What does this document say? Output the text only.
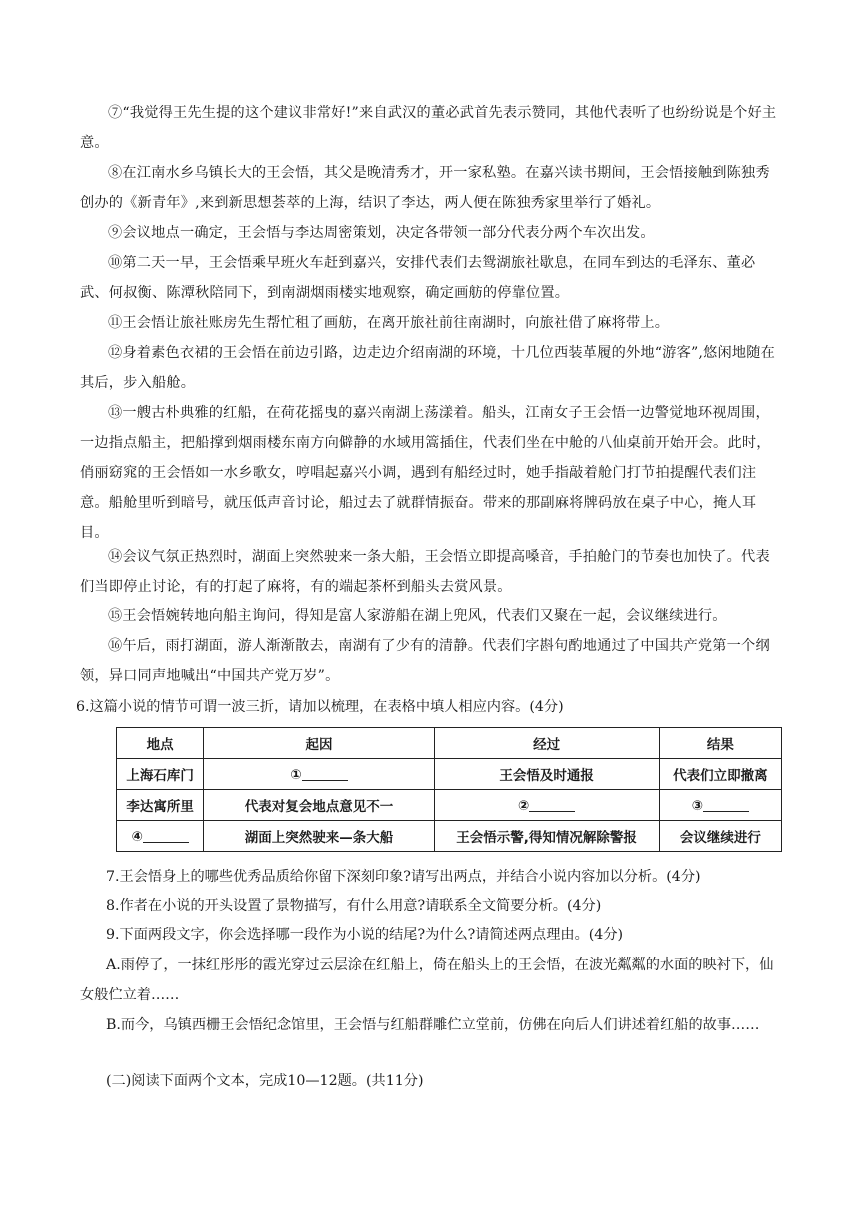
⑦“我觉得王先生提的这个建议非常好!”来自武汉的董必武首先表示赞同，其他代表听了也纷纷说是个好主意。
⑧在江南水乡乌镇长大的王会悟，其父是晚清秀才，开一家私塾。在嘉兴读书期间，王会悟接触到陈独秀创办的《新青年》,来到新思想荟萃的上海，结识了李达，两人便在陈独秀家里举行了婚礼。
⑨会议地点一确定，王会悟与李达周密策划，决定各带领一部分代表分两个车次出发。
⑩第二天一早，王会悟乘早班火车赶到嘉兴，安排代表们去鸳湖旅社歇息，在同车到达的毛泽东、董必武、何叔衡、陈潭秋陪同下，到南湖烟雨楼实地观察，确定画舫的停靠位置。
⑪王会悟让旅社账房先生帮忙租了画舫，在离开旅社前往南湖时，向旅社借了麻将带上。
⑫身着素色衣裙的王会悟在前边引路，边走边介绍南湖的环境，十几位西装革履的外地“游客”,悠闲地随在其后，步入船舱。
⑬一艘古朴典雅的红船，在荷花摇曳的嘉兴南湖上荡漾着。船头，江南女子王会悟一边警觉地环视周围，一边指点船主，把船撑到烟雨楼东南方向僻静的水域用篙插住，代表们坐在中舱的八仙桌前开始开会。此时，俏丽窈窕的王会悟如一水乡歌女，哼唱起嘉兴小调，遇到有船经过时，她手指敲着舱门打节拍提醒代表们注意。船舱里听到暗号，就压低声音讨论，船过去了就群情振奋。带来的那副麻将牌码放在桌子中心，掩人耳目。
⑭会议气氛正热烈时，湖面上突然驶来一条大船，王会悟立即提高嗓音，手拍舱门的节奏也加快了。代表们当即停止讨论，有的打起了麻将，有的端起茶杯到船头去赏风景。
⑮王会悟婉转地向船主询问，得知是富人家游船在湖上兜风，代表们又聚在一起，会议继续进行。
⑯午后，雨打湖面，游人渐渐散去，南湖有了少有的清静。代表们字斟句酌地通过了中国共产党第一个纲领，异口同声地喊出“中国共产党万岁”。
6.这篇小说的情节可谓一波三折，请加以梳理，在表格中填人相应内容。(4分)
地点	起因	经过	结果
上海石库门	①	王会悟及时通报	代表们立即撤离
李达寓所里	代表对复会地点意见不一	②	③
④	湖面上突然驶来—条大船	王会悟示警,得知情况解除警报	会议继续进行
7.王会悟身上的哪些优秀品质给你留下深刻印象?请写出两点，并结合小说内容加以分析。(4分)
8.作者在小说的开头设置了景物描写，有什么用意?请联系全文简要分析。(4分)
9.下面两段文字，你会选择哪一段作为小说的结尾?为什么?请简述两点理由。(4分)
A.雨停了，一抹红彤彤的霞光穿过云层涂在红船上，倚在船头上的王会悟，在波光粼粼的水面的映衬下，仙女般伫立着……
B.而今，乌镇西栅王会悟纪念馆里，王会悟与红船群雕伫立堂前，仿佛在向后人们讲述着红船的故事……
(二)阅读下面两个文本，完成10—12题。(共11分)
